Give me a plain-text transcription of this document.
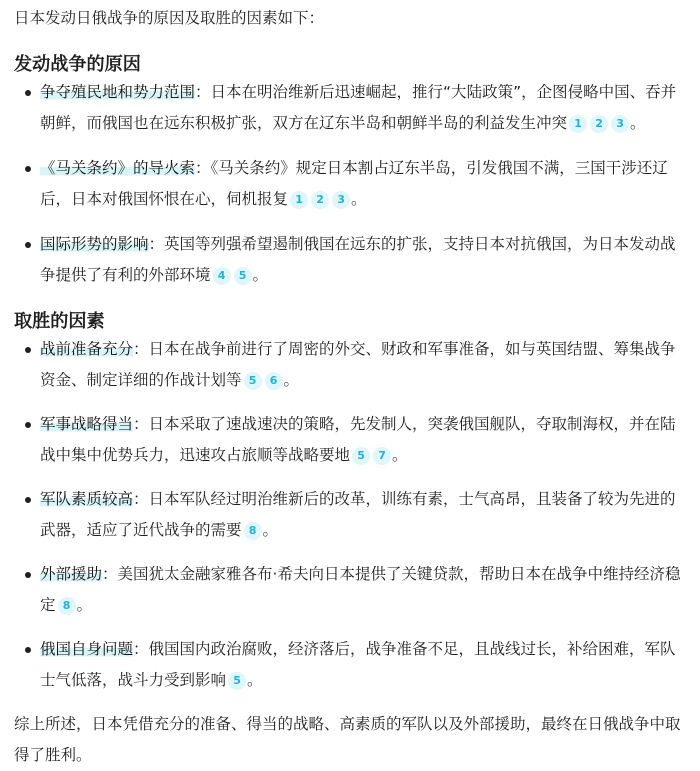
日本发动日俄战争的原因及取胜的因素如下：

发动战争的原因
争夺殖民地和势力范围：日本在明治维新后迅速崛起，推行“大陆政策”，企图侵略中国、吞并朝鲜，而俄国也在远东积极扩张，双方在辽东半岛和朝鲜半岛的利益发生冲突 1 2 3 。
《马关条约》的导火索：《马关条约》规定日本割占辽东半岛，引发俄国不满，三国干涉还辽后，日本对俄国怀恨在心，伺机报复 1 2 3 。
国际形势的影响：英国等列强希望遏制俄国在远东的扩张，支持日本对抗俄国，为日本发动战争提供了有利的外部环境 4 5 。
取胜的因素
战前准备充分：日本在战争前进行了周密的外交、财政和军事准备，如与英国结盟、筹集战争资金、制定详细的作战计划等 5 6 。
军事战略得当：日本采取了速战速决的策略，先发制人，突袭俄国舰队，夺取制海权，并在陆战中集中优势兵力，迅速攻占旅顺等战略要地 5 7 。
军队素质较高：日本军队经过明治维新后的改革，训练有素，士气高昂，且装备了较为先进的武器，适应了近代战争的需要 8 。
外部援助：美国犹太金融家雅各布·希夫向日本提供了关键贷款，帮助日本在战争中维持经济稳定 8 。
俄国自身问题：俄国国内政治腐败，经济落后，战争准备不足，且战线过长，补给困难，军队士气低落，战斗力受到影响 5 。

综上所述，日本凭借充分的准备、得当的战略、高素质的军队以及外部援助，最终在日俄战争中取得了胜利。
